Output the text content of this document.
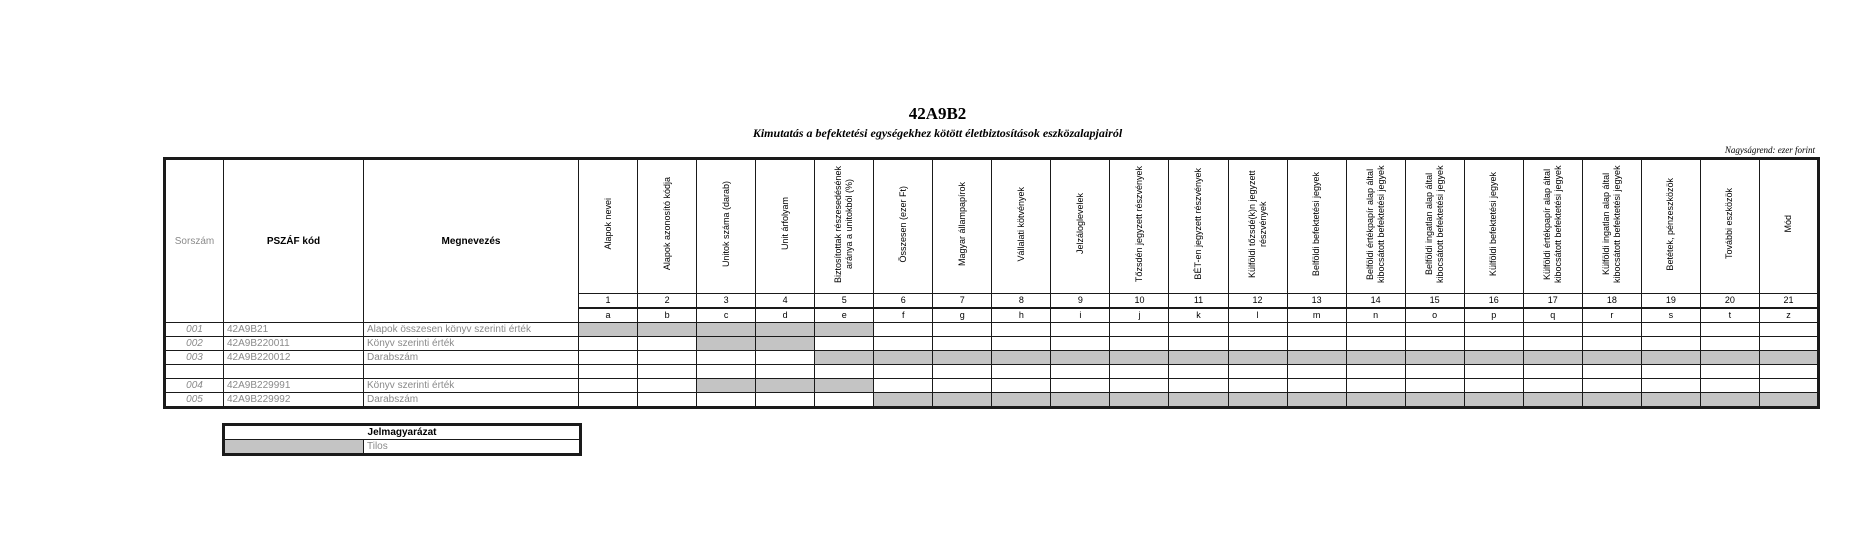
42A9B2
Kimutatás a befektetési egységekhez kötött életbiztosítások eszközalapjairól
Nagyságrend: ezer forint
Sorszám	PSZÁF kód	Megnevezés	Alapok nevei	Alapok azonosító kódja	Unitok száma (darab)	Unit árfolyam	Biztosítottak részesedésének aránya a unitokból (%)	Összesen (ezer Ft)	Magyar állampapírok	Vállalati kötvények	Jelzáloglevelek	Tőzsdén jegyzett részvények	BÉT-en jegyzett részvények	Külföldi tőzsdé(k)n jegyzett részvények	Belföldi befektetési jegyek	Belföldi értékpapír alap által kibocsátott befektetési jegyek	Belföldi ingatlan alap által kibocsátott befektetési jegyek	Külföldi befektetési jegyek	Külföldi értékpapír alap által kibocsátott befektetési jegyek	Külföldi ingatlan alap által kibocsátott befektetési jegyek	Betétek, pénzeszközök	További eszközök	Mód
			1	2	3	4	5	6	7	8	9	10	11	12	13	14	15	16	17	18	19	20	21
			a	b	c	d	e	f	g	h	i	j	k	l	m	n	o	p	q	r	s	t	z
001	42A9B21	Alapok összesen könyv szerinti érték																					
002	42A9B220011	Könyv szerinti érték																					
003	42A9B220012	Darabszám																					

004	42A9B229991	Könyv szerinti érték																					
005	42A9B229992	Darabszám																					
Jelmagyarázat
	Tilos
